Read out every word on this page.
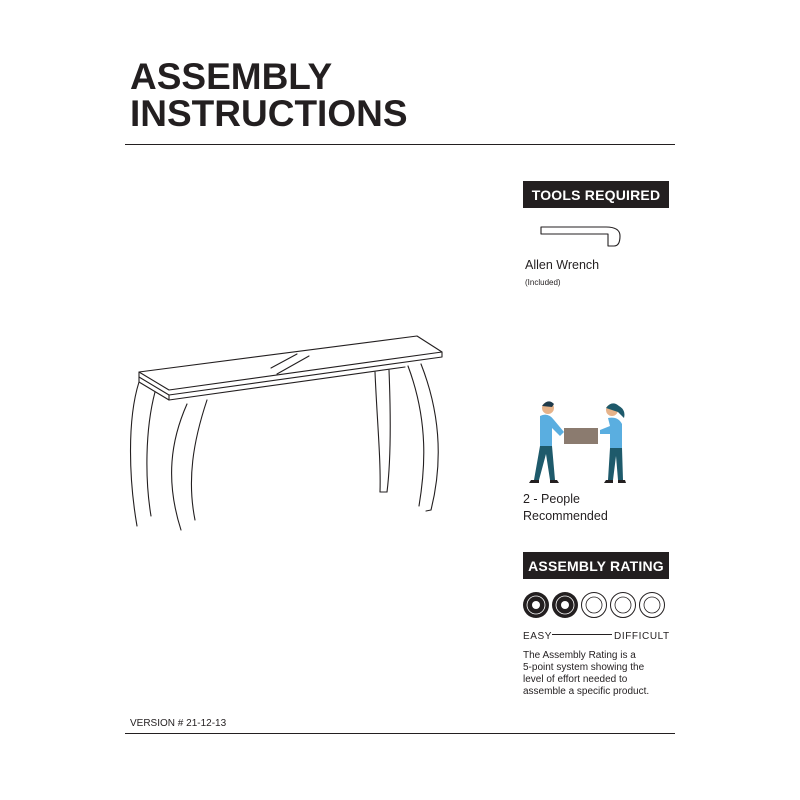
ASSEMBLY
INSTRUCTIONS
TOOLS REQUIRED
Allen Wrench
(Included)
2 - People
Recommended
ASSEMBLY RATING
EASY	DIFFICULT
The Assembly Rating is a
5-point system showing the
level of effort needed to
assemble a specific product.
VERSION # 21-12-13
